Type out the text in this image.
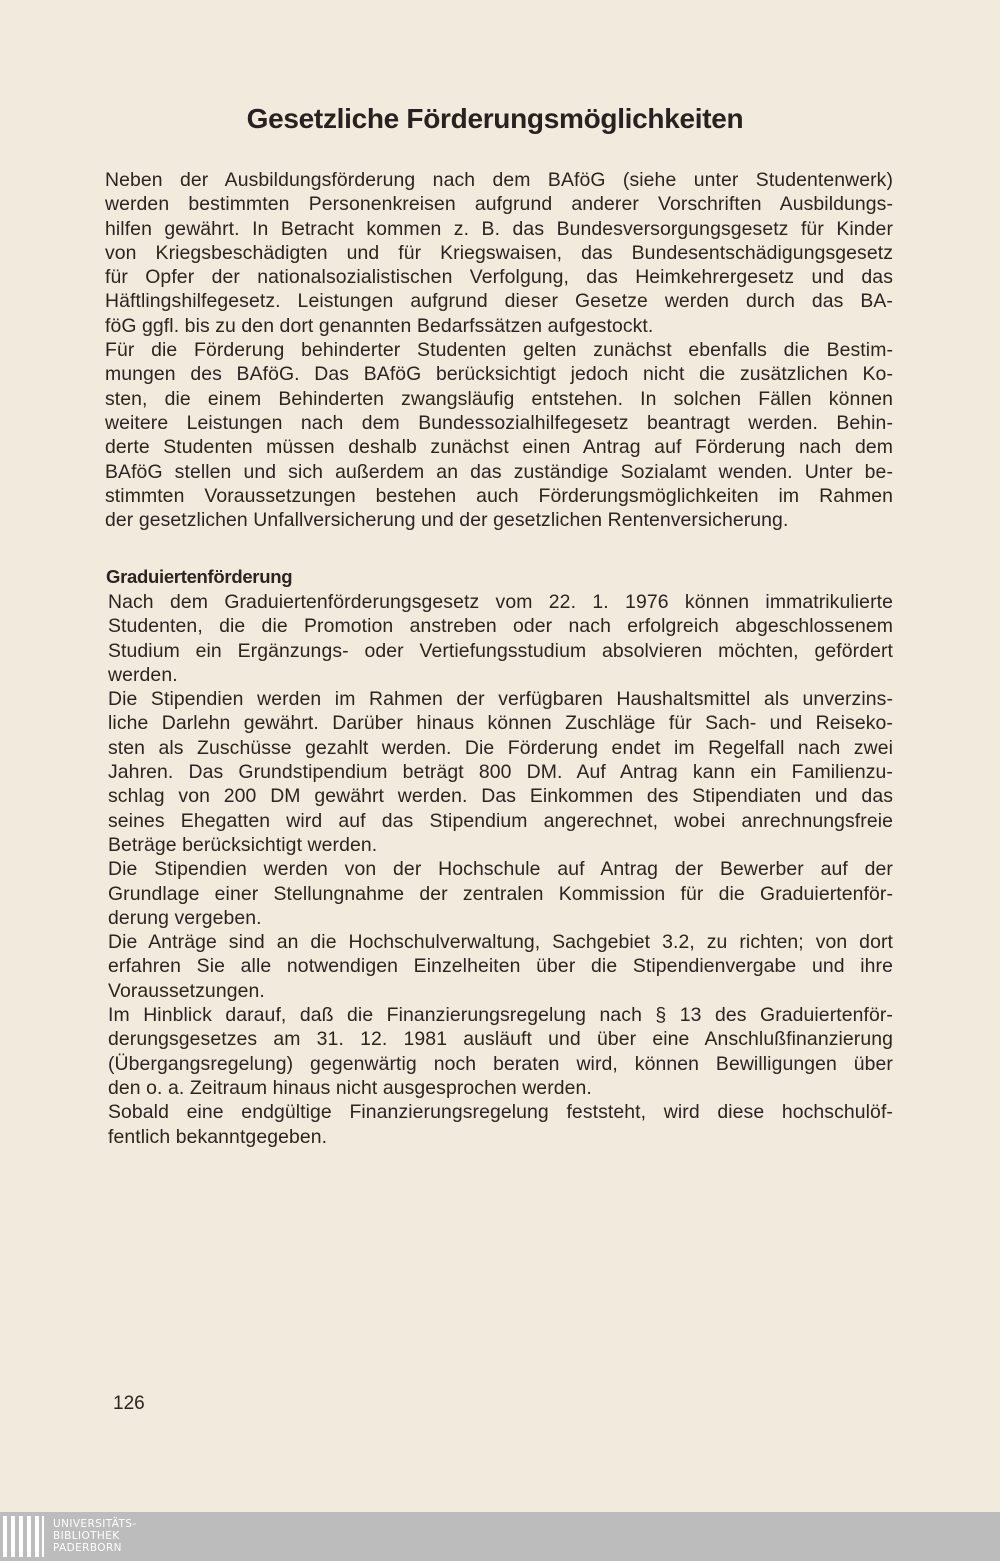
Gesetzliche Förderungsmöglichkeiten
Neben der Ausbildungsförderung nach dem BAföG (siehe unter Studentenwerk)
werden bestimmten Personenkreisen aufgrund anderer Vorschriften Ausbildungs-
hilfen gewährt. In Betracht kommen z. B. das Bundesversorgungsgesetz für Kinder
von Kriegsbeschädigten und für Kriegswaisen, das Bundesentschädigungsgesetz
für Opfer der nationalsozialistischen Verfolgung, das Heimkehrergesetz und das
Häftlingshilfegesetz. Leistungen aufgrund dieser Gesetze werden durch das BA-
föG ggfl. bis zu den dort genannten Bedarfssätzen aufgestockt.
Für die Förderung behinderter Studenten gelten zunächst ebenfalls die Bestim-
mungen des BAföG. Das BAföG berücksichtigt jedoch nicht die zusätzlichen Ko-
sten, die einem Behinderten zwangsläufig entstehen. In solchen Fällen können
weitere Leistungen nach dem Bundessozialhilfegesetz beantragt werden. Behin-
derte Studenten müssen deshalb zunächst einen Antrag auf Förderung nach dem
BAföG stellen und sich außerdem an das zuständige Sozialamt wenden. Unter be-
stimmten Voraussetzungen bestehen auch Förderungsmöglichkeiten im Rahmen
der gesetzlichen Unfallversicherung und der gesetzlichen Rentenversicherung.
Graduiertenförderung
Nach dem Graduiertenförderungsgesetz vom 22. 1. 1976 können immatrikulierte
Studenten, die die Promotion anstreben oder nach erfolgreich abgeschlossenem
Studium ein Ergänzungs- oder Vertiefungsstudium absolvieren möchten, gefördert
werden.
Die Stipendien werden im Rahmen der verfügbaren Haushaltsmittel als unverzins-
liche Darlehn gewährt. Darüber hinaus können Zuschläge für Sach- und Reiseko-
sten als Zuschüsse gezahlt werden. Die Förderung endet im Regelfall nach zwei
Jahren. Das Grundstipendium beträgt 800 DM. Auf Antrag kann ein Familienzu-
schlag von 200 DM gewährt werden. Das Einkommen des Stipendiaten und das
seines Ehegatten wird auf das Stipendium angerechnet, wobei anrechnungsfreie
Beträge berücksichtigt werden.
Die Stipendien werden von der Hochschule auf Antrag der Bewerber auf der
Grundlage einer Stellungnahme der zentralen Kommission für die Graduiertenför-
derung vergeben.
Die Anträge sind an die Hochschulverwaltung, Sachgebiet 3.2, zu richten; von dort
erfahren Sie alle notwendigen Einzelheiten über die Stipendienvergabe und ihre
Voraussetzungen.
Im Hinblick darauf, daß die Finanzierungsregelung nach § 13 des Graduiertenför-
derungsgesetzes am 31. 12. 1981 ausläuft und über eine Anschlußfinanzierung
(Übergangsregelung) gegenwärtig noch beraten wird, können Bewilligungen über
den o. a. Zeitraum hinaus nicht ausgesprochen werden.
Sobald eine endgültige Finanzierungsregelung feststeht, wird diese hochschulöf-
fentlich bekanntgegeben.

126

UNIVERSITÄTS-
BIBLIOTHEK
PADERBORN
